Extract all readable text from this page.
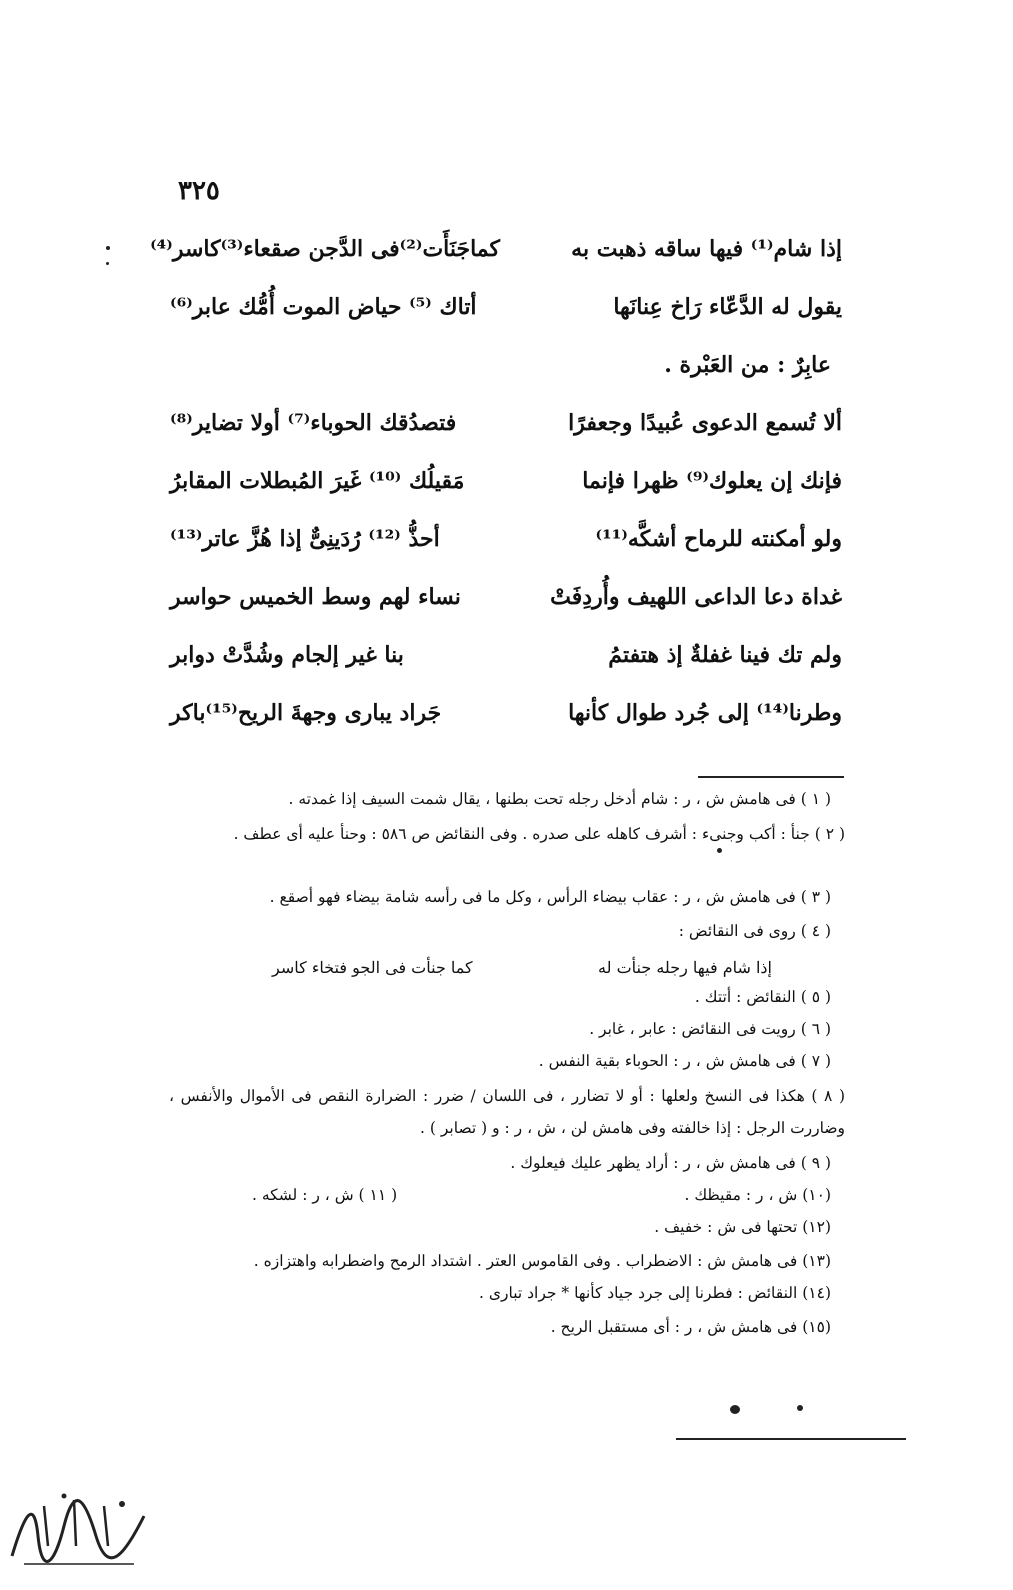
٣٢٥
إذا شام⁽¹⁾ فيها ساقه ذهبت به
كماجَنَأَت⁽²⁾فى الدَّجن صقعاء⁽³⁾كاسر⁽⁴⁾
يقول له الدَّعّاء رَاخ عِنانَها
أتاك ⁽⁵⁾ حياض الموت أُمُّك عابر⁽⁶⁾
عابِرٌ : من العَبْرة .
ألا تُسمع الدعوى عُبيدًا وجعفرًا
فتصدُقك الحوباء⁽⁷⁾ أولا تضاير⁽⁸⁾
فإنك إن يعلوك⁽⁹⁾ ظهرا فإنما
مَقيلُك ⁽¹⁰⁾ غَيرَ المُبطلات المقابرُ
ولو أمكنته للرماح أشكَّه⁽¹¹⁾
أحذُّ ⁽¹²⁾ رُدَينِىٌّ إذا هُزَّ عاتر⁽¹³⁾
غداة دعا الداعى اللهيف وأُردِفَتْ
نساء لهم وسط الخميس حواسر
ولم تك فينا غفلةٌ إذ هتفتمُ
بنا غير إلجام وشُدَّتْ دوابر
وطرنا⁽¹⁴⁾ إلى جُرد طوال كأنها
جَراد يبارى وجهةَ الريح⁽¹⁵⁾باكر
( ١ ) فى هامش ش ، ر : شام أدخل رجله تحت بطنها ، يقال شمت السيف إذا غمدته .
( ٢ ) جنأ : أكب وجنىء : أشرف كاهله على صدره . وفى النقائض ص ٥٨٦ : وحنأ عليه أى عطف .
( ٣ ) فى هامش ش ، ر : عقاب بيضاء الرأس ، وكل ما فى رأسه شامة بيضاء فهو أصقع .
( ٤ ) روى فى النقائض :
إذا شام فيها رجله جنأت له
كما جنأت فى الجو فتخاء كاسر
( ٥ ) النقائض : أتتك .
( ٦ ) رويت فى النقائض : عابر ، غابر .
( ٧ ) فى هامش ش ، ر : الحوباء بقية النفس .
( ٨ ) هكذا فى النسخ ولعلها : أو لا تضارر ، فى اللسان / ضرر : الضرارة النقص فى الأموال والأنفس ، وضاررت الرجل : إذا خالفته وفى هامش لن ، ش ، ر : و ( تصابر ) .
( ٩ ) فى هامش ش ، ر : أراد يظهر عليك فيعلوك .
(١٠) ش ، ر : مقيظك .
( ١١ ) ش ، ر : لشكه .
(١٢) تحتها فى ش : خفيف .
(١٣) فى هامش ش : الاضطراب . وفى القاموس العتر . اشتداد الرمح واضطرابه واهتزازه .
(١٤) النقائض : فطرنا إلى جرد جياد كأنها * جراد تبارى .
(١٥) فى هامش ش ، ر : أى مستقبل الريح .
